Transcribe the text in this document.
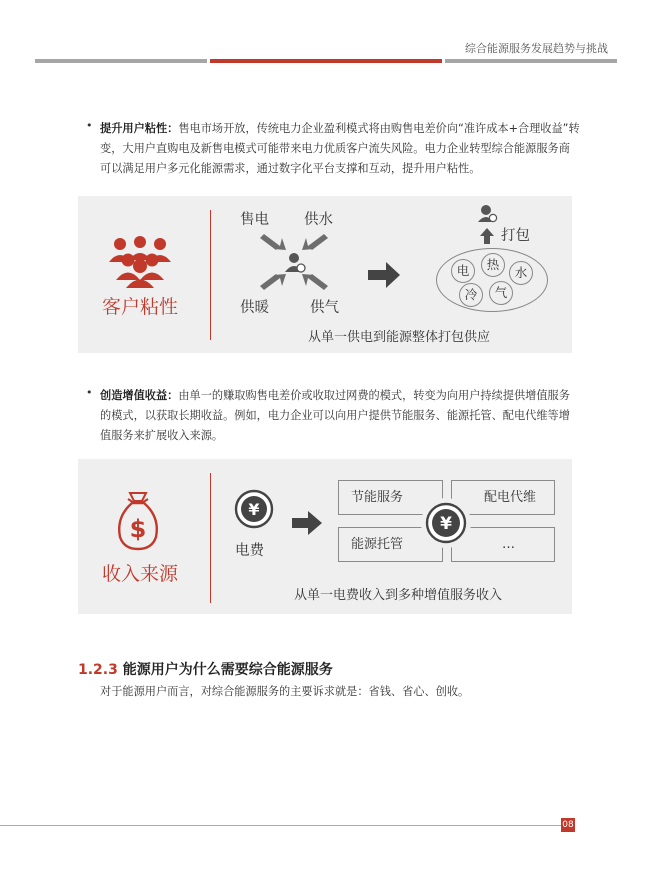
综合能源服务发展趋势与挑战
• 提升用户粘性：售电市场开放，传统电力企业盈利模式将由购售电差价向“准许成本+合理收益”转变，大用户直购电及新售电模式可能带来电力优质客户流失风险。电力企业转型综合能源服务商可以满足用户多元化能源需求，通过数字化平台支撑和互动，提升用户粘性。
客户粘性
售电 供水
供暖	供气
打包
电	热
水
冷	气
从单一供电到能源整体打包供应
• 创造增值收益：由单一的赚取购售电差价或收取过网费的模式，转变为向用户持续提供增值服务的模式，以获取长期收益。例如，电力企业可以向用户提供节能服务、能源托管、配电代维等增值服务来扩展收入来源。
$
收入来源
¥
电费
节能服务	配电代维
能源托管	…
¥
从单一电费收入到多种增值服务收入
1.2.3 能源用户为什么需要综合能源服务
对于能源用户而言，对综合能源服务的主要诉求就是：省钱、省心、创收。
08
